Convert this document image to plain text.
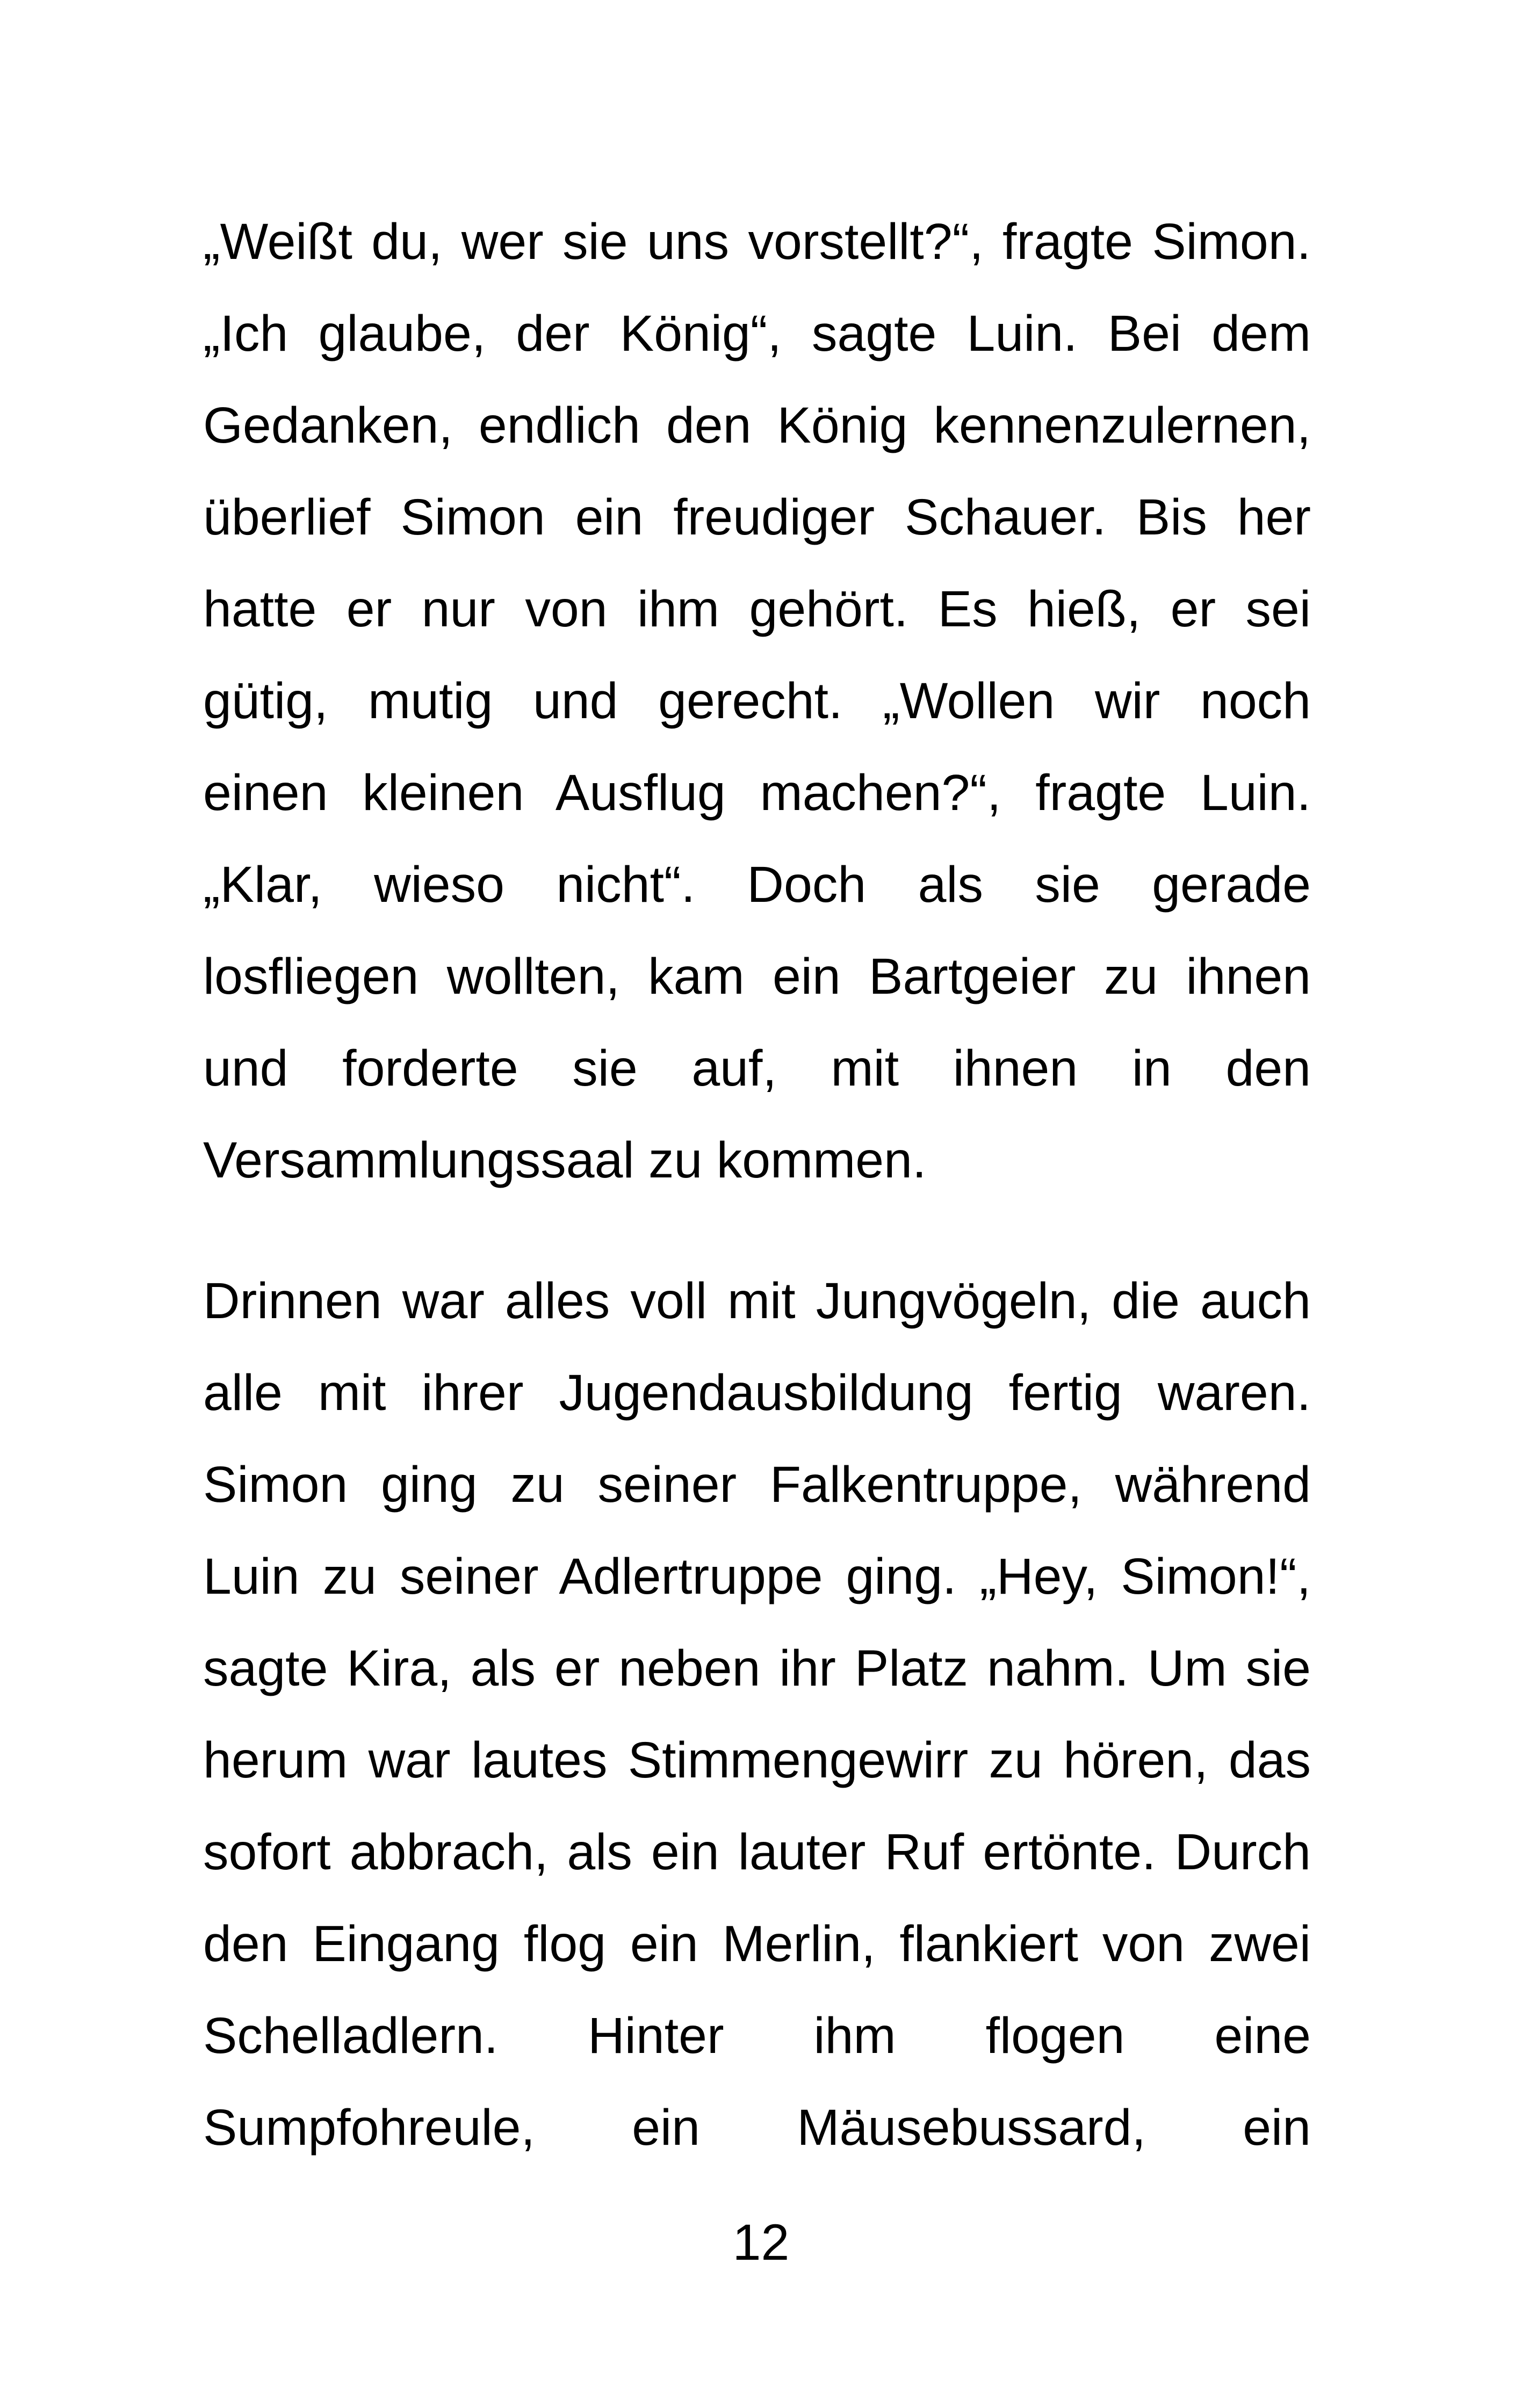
„Weißt du, wer sie uns vorstellt?“, fragte Simon.
„Ich glaube, der König“, sagte Luin. Bei dem
Gedanken, endlich den König kennenzulernen,
überlief Simon ein freudiger Schauer. Bis her
hatte er nur von ihm gehört. Es hieß, er sei
gütig, mutig und gerecht. „Wollen wir noch
einen kleinen Ausflug machen?“, fragte Luin.
„Klar, wieso nicht“. Doch als sie gerade
losfliegen wollten, kam ein Bartgeier zu ihnen
und forderte sie auf, mit ihnen in den
Versammlungssaal zu kommen.
Drinnen war alles voll mit Jungvögeln, die auch
alle mit ihrer Jugendausbildung fertig waren.
Simon ging zu seiner Falkentruppe, während
Luin zu seiner Adlertruppe ging. „Hey, Simon!“,
sagte Kira, als er neben ihr Platz nahm. Um sie
herum war lautes Stimmengewirr zu hören, das
sofort abbrach, als ein lauter Ruf ertönte. Durch
den Eingang flog ein Merlin, flankiert von zwei
Schelladlern. Hinter ihm flogen eine
Sumpfohreule, ein Mäusebussard, ein
12
